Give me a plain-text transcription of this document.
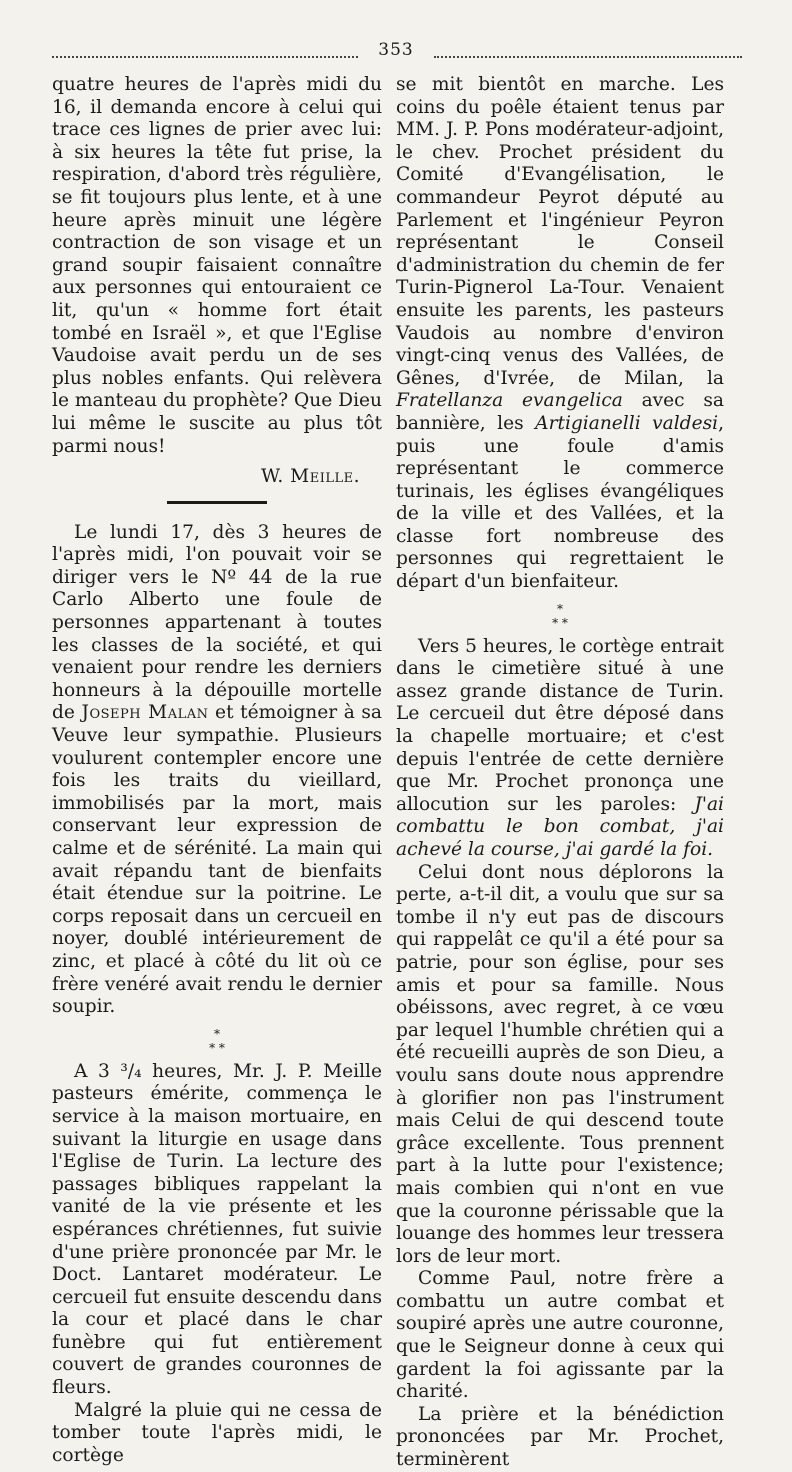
353

quatre heures de l'après midi du 16, il demanda encore à celui qui trace ces lignes de prier avec lui: à six heures la tête fut prise, la respiration, d'abord très régulière, se fit toujours plus lente, et à une heure après minuit une légère contraction de son visage et un grand soupir faisaient connaître aux personnes qui entouraient ce lit, qu'un « homme fort était tombé en Israël », et que l'Eglise Vaudoise avait perdu un de ses plus nobles enfants. Qui relèvera le manteau du prophète? Que Dieu lui même le suscite au plus tôt parmi nous!

W. Meille.

Le lundi 17, dès 3 heures de l'après midi, l'on pouvait voir se diriger vers le Nº 44 de la rue Carlo Alberto une foule de personnes appartenant à toutes les classes de la société, et qui venaient pour rendre les derniers honneurs à la dépouille mortelle de Joseph Malan et témoigner à sa Veuve leur sympathie. Plusieurs voulurent contempler encore une fois les traits du vieillard, immobilisés par la mort, mais conservant leur expression de calme et de sérénité. La main qui avait répandu tant de bienfaits était étendue sur la poitrine. Le corps reposait dans un cercueil en noyer, doublé intérieurement de zinc, et placé à côté du lit où ce frère venéré avait rendu le dernier soupir.

*
* *

A 3 ³/₄ heures, Mr. J. P. Meille pasteurs émérite, commença le service à la maison mortuaire, en suivant la liturgie en usage dans l'Eglise de Turin. La lecture des passages bibliques rappelant la vanité de la vie présente et les espérances chrétiennes, fut suivie d'une prière prononcée par Mr. le Doct. Lantaret modérateur. Le cercueil fut ensuite descendu dans la cour et placé dans le char funèbre qui fut entièrement couvert de grandes couronnes de fleurs.

Malgré la pluie qui ne cessa de tomber toute l'après midi, le cortège

se mit bientôt en marche. Les coins du poêle étaient tenus par MM. J. P. Pons modérateur-adjoint, le chev. Prochet président du Comité d'Evangélisation, le commandeur Peyrot député au Parlement et l'ingénieur Peyron représentant le Conseil d'administration du chemin de fer Turin-Pignerol La-Tour. Venaient ensuite les parents, les pasteurs Vaudois au nombre d'environ vingt-cinq venus des Vallées, de Gênes, d'Ivrée, de Milan, la Fratellanza evangelica avec sa bannière, les Artigianelli valdesi, puis une foule d'amis représentant le commerce turinais, les églises évangéliques de la ville et des Vallées, et la classe fort nombreuse des personnes qui regrettaient le départ d'un bienfaiteur.

*
* *

Vers 5 heures, le cortège entrait dans le cimetière situé à une assez grande distance de Turin. Le cercueil dut être déposé dans la chapelle mortuaire; et c'est depuis l'entrée de cette dernière que Mr. Prochet prononça une allocution sur les paroles: J'ai combattu le bon combat, j'ai achevé la course, j'ai gardé la foi.

Celui dont nous déplorons la perte, a-t-il dit, a voulu que sur sa tombe il n'y eut pas de discours qui rappelât ce qu'il a été pour sa patrie, pour son église, pour ses amis et pour sa famille. Nous obéissons, avec regret, à ce vœu par lequel l'humble chrétien qui a été recueilli auprès de son Dieu, a voulu sans doute nous apprendre à glorifier non pas l'instrument mais Celui de qui descend toute grâce excellente. Tous prennent part à la lutte pour l'existence; mais combien qui n'ont en vue que la couronne périssable que la louange des hommes leur tressera lors de leur mort.

Comme Paul, notre frère a combattu un autre combat et soupiré après une autre couronne, que le Seigneur donne à ceux qui gardent la foi agissante par la charité.

La prière et la bénédiction prononcées par Mr. Prochet, terminèrent
